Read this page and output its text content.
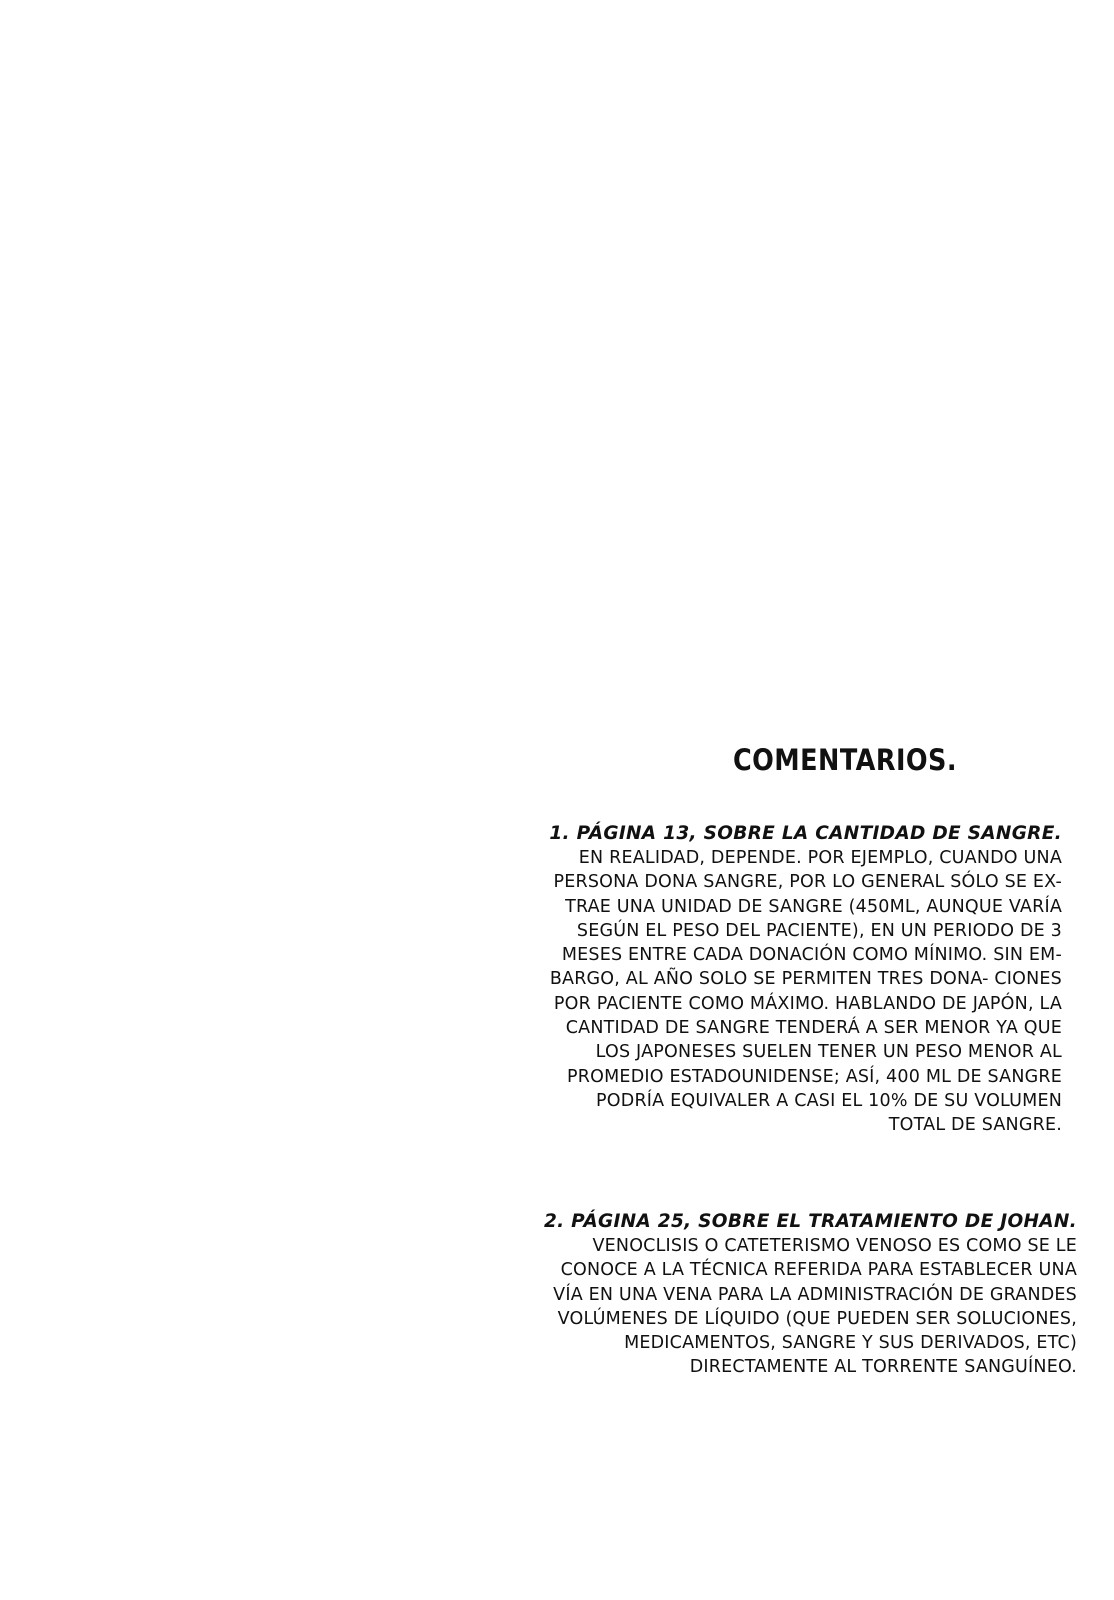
COMENTARIOS.
1. PÁGINA 13, SOBRE LA CANTIDAD DE SANGRE.
EN REALIDAD, DEPENDE. POR EJEMPLO, CUANDO UNA
PERSONA DONA SANGRE, POR LO GENERAL SÓLO SE EX-
TRAE UNA UNIDAD DE SANGRE (450ML, AUNQUE VARÍA
SEGÚN EL PESO DEL PACIENTE), EN UN PERIODO DE 3
MESES ENTRE CADA DONACIÓN COMO MÍNIMO. SIN EM-
BARGO, AL AÑO SOLO SE PERMITEN TRES DONA- CIONES
POR PACIENTE COMO MÁXIMO. HABLANDO DE JAPÓN, LA
CANTIDAD DE SANGRE TENDERÁ A SER MENOR YA QUE
LOS JAPONESES SUELEN TENER UN PESO MENOR AL
PROMEDIO ESTADOUNIDENSE; ASÍ, 400 ML DE SANGRE
PODRÍA EQUIVALER A CASI EL 10% DE SU VOLUMEN
TOTAL DE SANGRE.
2. PÁGINA 25, SOBRE EL TRATAMIENTO DE JOHAN.
VENOCLISIS O CATETERISMO VENOSO ES COMO SE LE
CONOCE A LA TÉCNICA REFERIDA PARA ESTABLECER UNA
VÍA EN UNA VENA PARA LA ADMINISTRACIÓN DE GRANDES
VOLÚMENES DE LÍQUIDO (QUE PUEDEN SER SOLUCIONES,
MEDICAMENTOS, SANGRE Y SUS DERIVADOS, ETC)
DIRECTAMENTE AL TORRENTE SANGUÍNEO.
